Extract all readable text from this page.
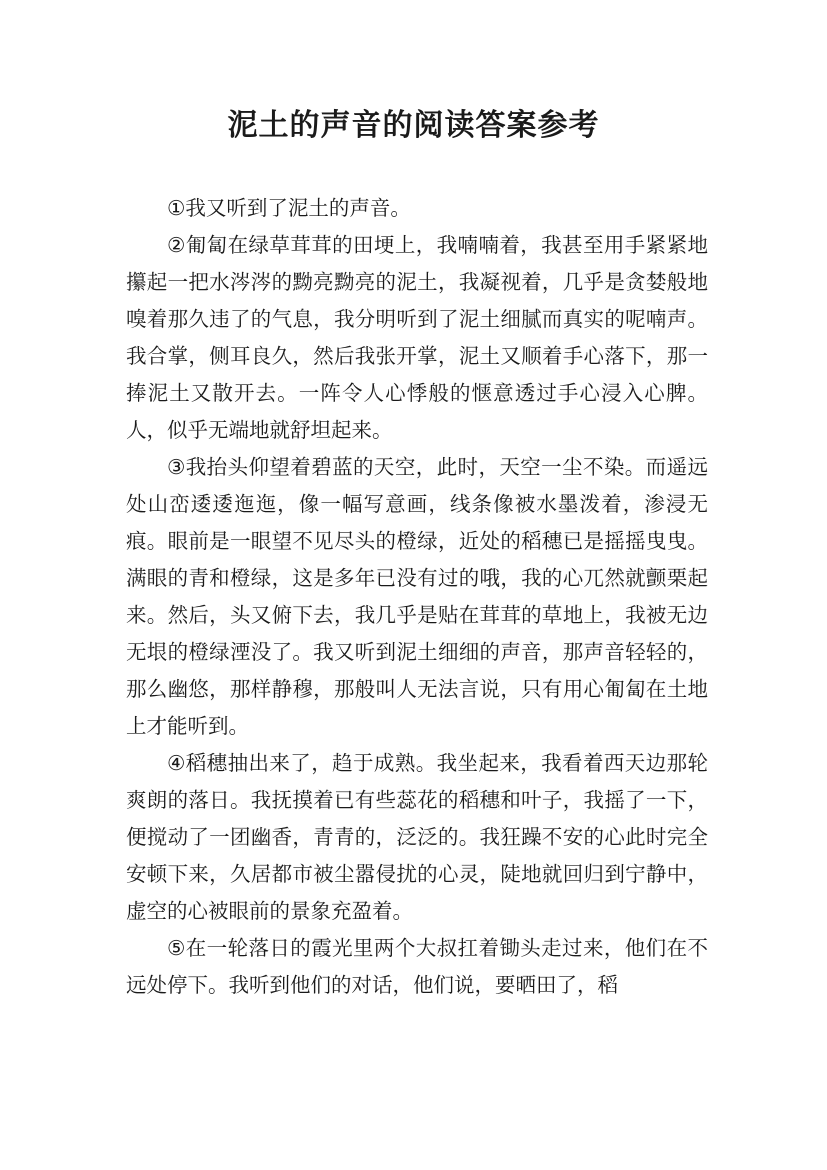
泥土的声音的阅读答案参考

①我又听到了泥土的声音。

②匍匐在绿草茸茸的田埂上，我喃喃着，我甚至用手紧紧地攥起一把水涔涔的黝亮黝亮的泥土，我凝视着，几乎是贪婪般地嗅着那久违了的气息，我分明听到了泥土细腻而真实的呢喃声。我合掌，侧耳良久，然后我张开掌，泥土又顺着手心落下，那一捧泥土又散开去。一阵令人心悸般的惬意透过手心浸入心脾。人，似乎无端地就舒坦起来。

③我抬头仰望着碧蓝的天空，此时，天空一尘不染。而遥远处山峦逶逶迤迤，像一幅写意画，线条像被水墨泼着，渗浸无痕。眼前是一眼望不见尽头的橙绿，近处的稻穗已是摇摇曳曳。满眼的青和橙绿，这是多年已没有过的哦，我的心兀然就颤栗起来。然后，头又俯下去，我几乎是贴在茸茸的草地上，我被无边无垠的橙绿湮没了。我又听到泥土细细的声音，那声音轻轻的，那么幽悠，那样静穆，那般叫人无法言说，只有用心匍匐在土地上才能听到。

④稻穗抽出来了，趋于成熟。我坐起来，我看着西天边那轮爽朗的落日。我抚摸着已有些蕊花的稻穗和叶子，我摇了一下，便搅动了一团幽香，青青的，泛泛的。我狂躁不安的心此时完全安顿下来，久居都市被尘嚣侵扰的心灵，陡地就回归到宁静中，虚空的心被眼前的景象充盈着。

⑤在一轮落日的霞光里两个大叔扛着锄头走过来，他们在不远处停下。我听到他们的对话，他们说，要晒田了，稻
